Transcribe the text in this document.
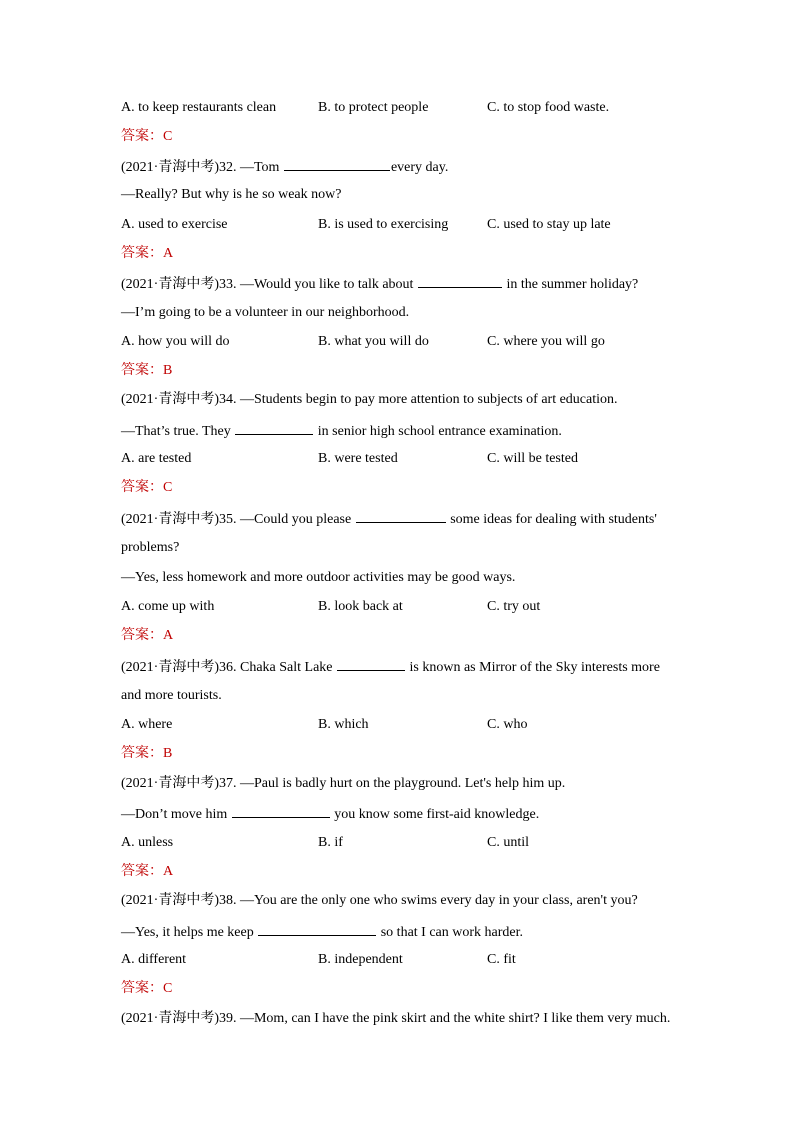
A. to keep restaurants clean	B. to protect people	C. to stop food waste.
答案：C
(2021·青海中考)32. —Tom	every day.
—Really? But why is he so weak now?
A. used to exercise	B. is used to exercising	C. used to stay up late
答案：A
(2021·青海中考)33. —Would you like to talk about	in the summer holiday?
—I’m going to be a volunteer in our neighborhood.
A. how you will do	B. what you will do	C. where you will go
答案：B
(2021·青海中考)34. —Students begin to pay more attention to subjects of art education.
—That’s true. They	in senior high school entrance examination.
A. are tested	B. were tested	C. will be tested
答案：C
(2021·青海中考)35. —Could you please	some ideas for dealing with students'
problems?
—Yes, less homework and more outdoor activities may be good ways.
A. come up with	B. look back at	C. try out
答案：A
(2021·青海中考)36. Chaka Salt Lake	is known as Mirror of the Sky interests more
and more tourists.
A. where	B. which	C. who
答案：B
(2021·青海中考)37. —Paul is badly hurt on the playground. Let's help him up.
—Don’t move him	you know some first-aid knowledge.
A. unless	B. if	C. until
答案：A
(2021·青海中考)38. —You are the only one who swims every day in your class, aren't you?
—Yes, it helps me keep	so that I can work harder.
A. different	B. independent	C. fit
答案：C
(2021·青海中考)39. —Mom, can I have the pink skirt and the white shirt? I like them very much.
